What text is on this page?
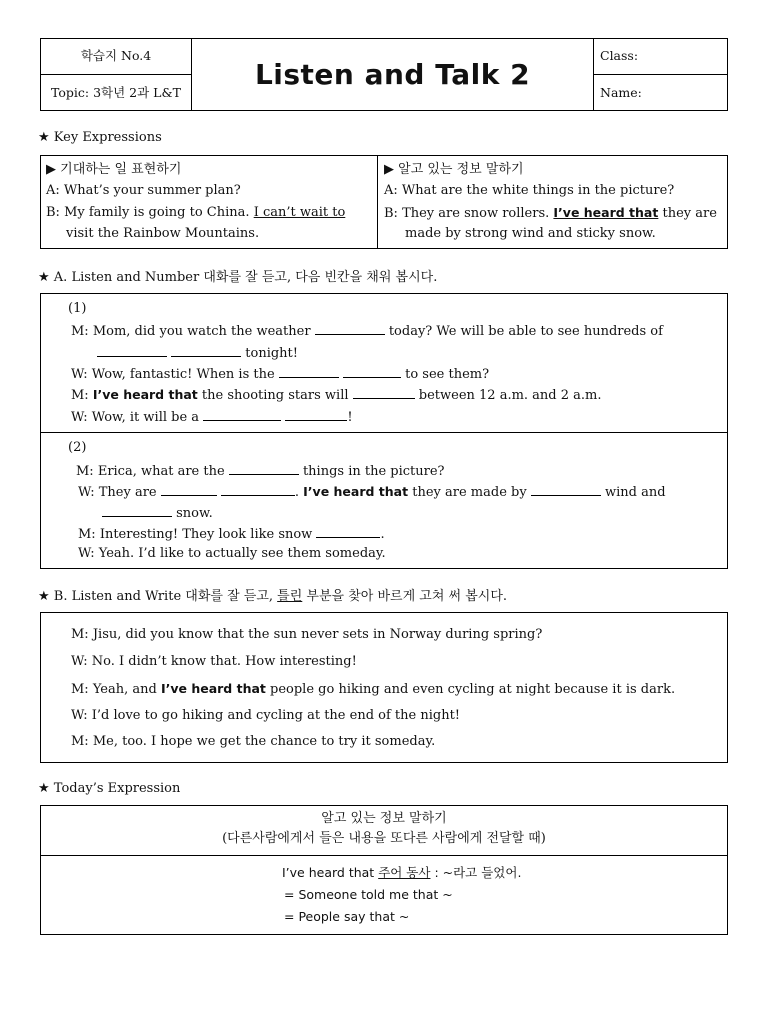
학습지 No.4
Topic: 3학년 2과 L&T
Listen and Talk 2
Class:
Name:
★ Key Expressions
▶ 기대하는 일 표현하기
A: What’s your summer plan?
B: My family is going to China. I can’t wait to
visit the Rainbow Mountains.
▶ 알고 있는 정보 말하기
A: What are the white things in the picture?
B: They are snow rollers. I’ve heard that they are
made by strong wind and sticky snow.
★ A. Listen and Number 대화를 잘 듣고, 다음 빈칸을 채워 봅시다.
(1)
M: Mom, did you watch the weather	today? We will be able to see hundreds of
tonight!
W: Wow, fantastic! When is the	to see them?
M: I’ve heard that the shooting stars will	between 12 a.m. and 2 a.m.
W: Wow, it will be a	!
(2)
M: Erica, what are the	things in the picture?
W: They are	. I’ve heard that they are made by	wind and
snow.
M: Interesting! They look like snow	.
W: Yeah. I’d like to actually see them someday.
★ B. Listen and Write 대화를 잘 듣고, 틀린 부분을 찾아 바르게 고쳐 써 봅시다.
M: Jisu, did you know that the sun never sets in Norway during spring?
W: No. I didn’t know that. How interesting!
M: Yeah, and I’ve heard that people go hiking and even cycling at night because it is dark.
W: I’d love to go hiking and cycling at the end of the night!
M: Me, too. I hope we get the chance to try it someday.
★ Today’s Expression
알고 있는 정보 말하기
(다른사람에게서 들은 내용을 또다른 사람에게 전달할 때)
I’ve heard that 주어 동사 : ~라고 들었어.
= Someone told me that ~
= People say that ~
